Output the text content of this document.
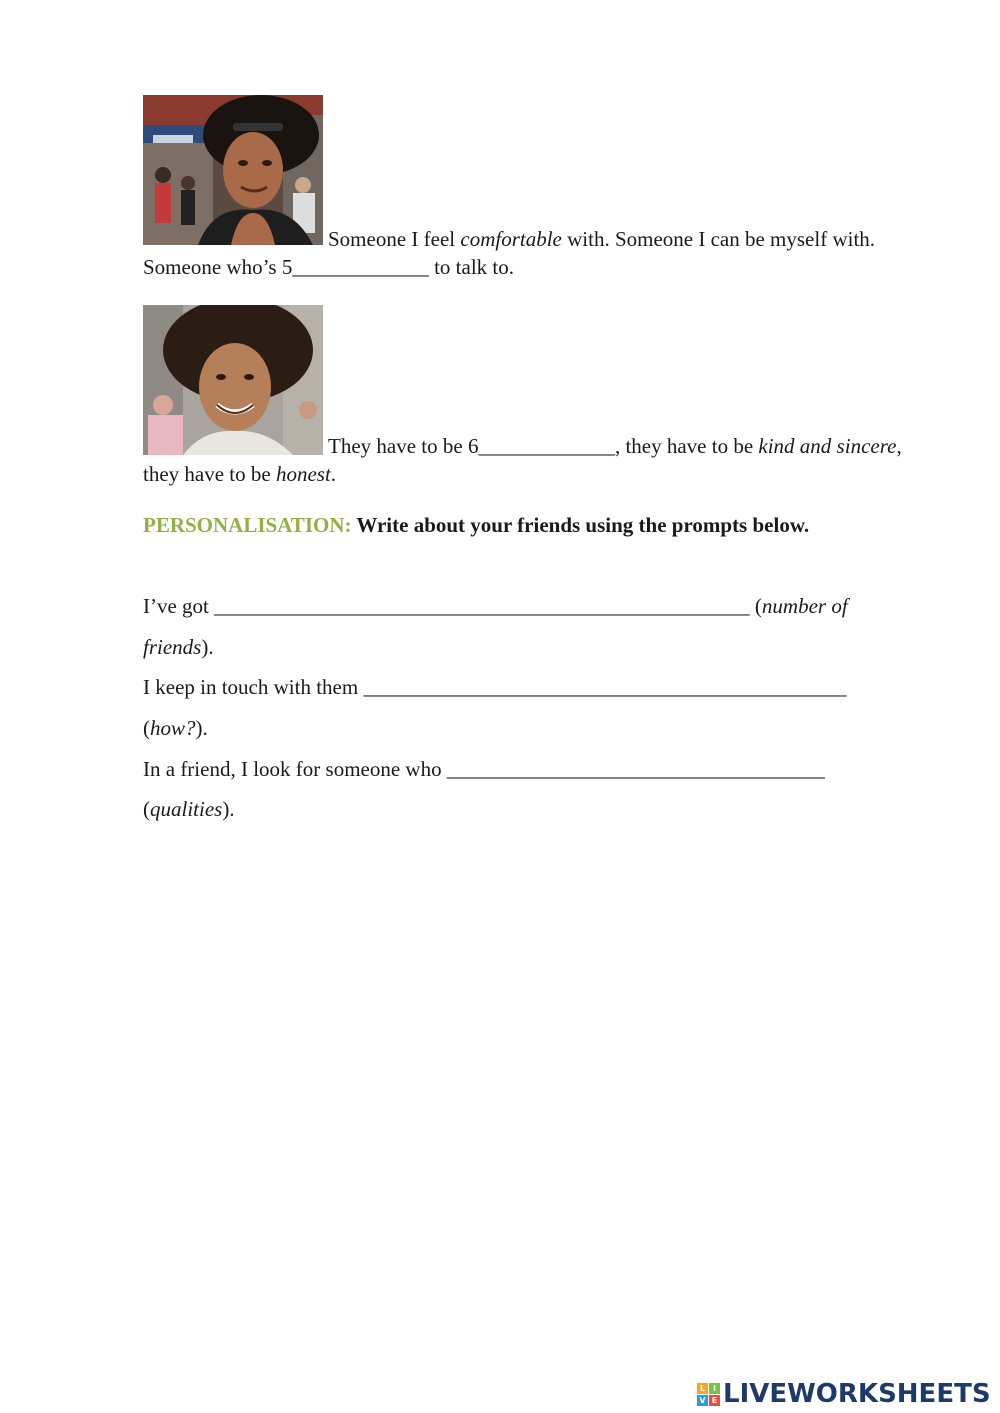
Someone I feel comfortable with. Someone I can be myself with. Someone who’s 5_____________ to talk to.
They have to be 6_____________, they have to be kind and sincere, they have to be honest.
PERSONALISATION: Write about your friends using the prompts below.
I’ve got ___________________________________________________ (number of
friends).
I keep in touch with them ______________________________________________
(how?).
In a friend, I look for someone who ____________________________________
(qualities).
L I
V E LIVEWORKSHEETS
